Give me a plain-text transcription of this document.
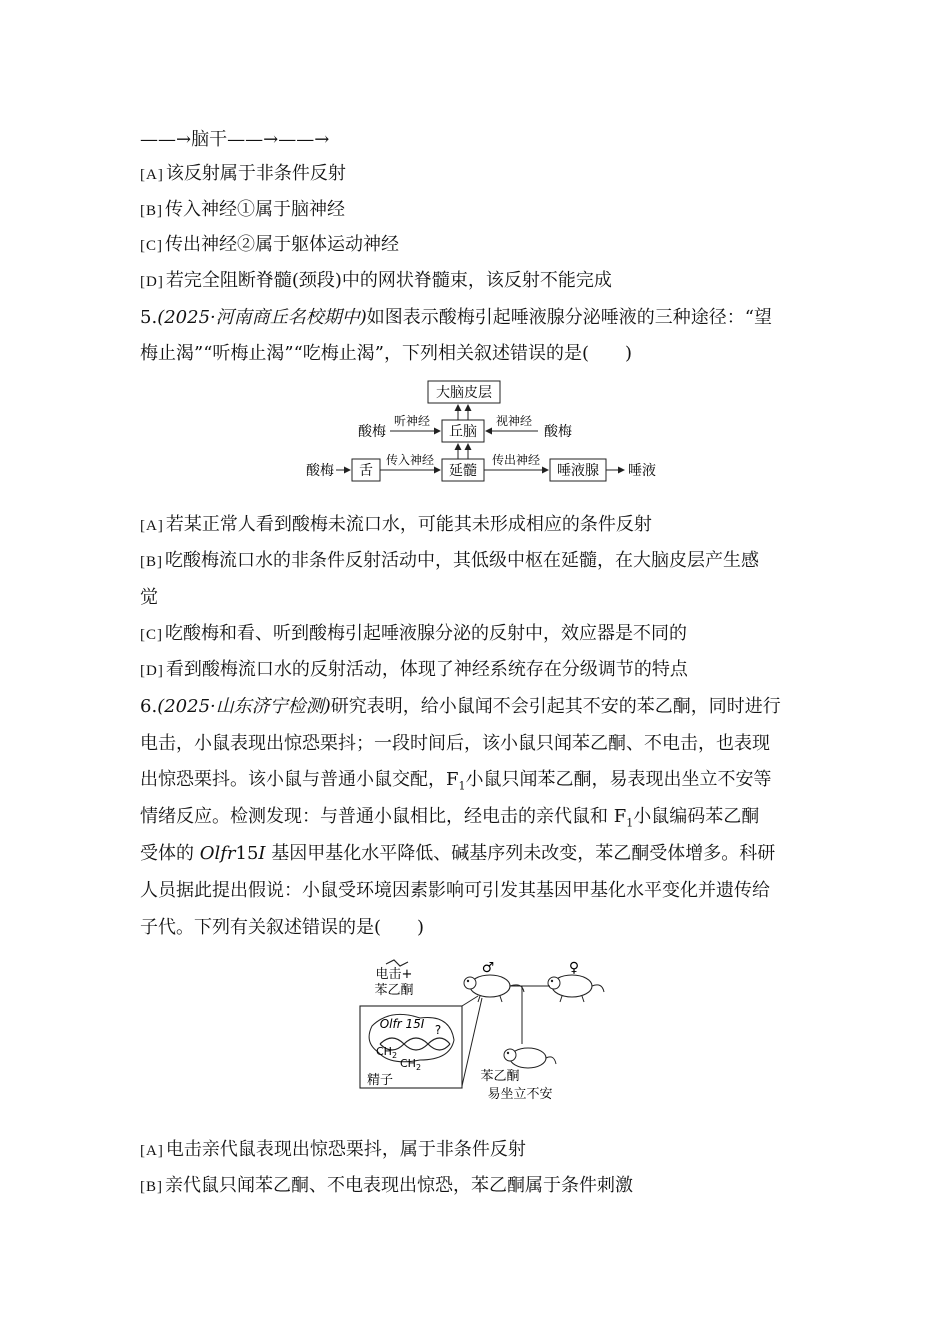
——→脑干——→——→
[A] 该反射属于非条件反射
[B] 传入神经①属于脑神经
[C] 传出神经②属于躯体运动神经
[D] 若完全阻断脊髓(颈段)中的网状脊髓束，该反射不能完成
5.(2025·河南商丘名校期中)如图表示酸梅引起唾液腺分泌唾液的三种途径：“望
梅止渴”“听梅止渴”“吃梅止渴”，下列相关叙述错误的是(　　)
大脑皮层
丘脑
延髓
舌	唾液腺
酸梅
听神经
酸梅
视神经
酸梅
传入神经	传出神经
唾液
[A] 若某正常人看到酸梅未流口水，可能其未形成相应的条件反射
[B] 吃酸梅流口水的非条件反射活动中，其低级中枢在延髓，在大脑皮层产生感
觉
[C] 吃酸梅和看、听到酸梅引起唾液腺分泌的反射中，效应器是不同的
[D] 看到酸梅流口水的反射活动，体现了神经系统存在分级调节的特点
6.(2025·山东济宁检测)研究表明，给小鼠闻不会引起其不安的苯乙酮，同时进行
电击，小鼠表现出惊恐栗抖；一段时间后，该小鼠只闻苯乙酮、不电击，也表现
出惊恐栗抖。该小鼠与普通小鼠交配，$F_1$小鼠只闻苯乙酮，易表现出坐立不安等
情绪反应。检测发现：与普通小鼠相比，经电击的亲代鼠和 $F_1$小鼠编码苯乙酮
受体的 Olfr15I 基因甲基化水平降低、碱基序列未改变，苯乙酮受体增多。科研
人员据此提出假说：小鼠受环境因素影响可引发其基因甲基化水平变化并遗传给
子代。下列有关叙述错误的是(　　)
电击+
苯乙酮
♂	♀
Olfr 15I
$CH_2$
$CH_2$
?
精子	苯乙酮
易坐立不安
[A] 电击亲代鼠表现出惊恐栗抖，属于非条件反射
[B] 亲代鼠只闻苯乙酮、不电表现出惊恐，苯乙酮属于条件刺激
